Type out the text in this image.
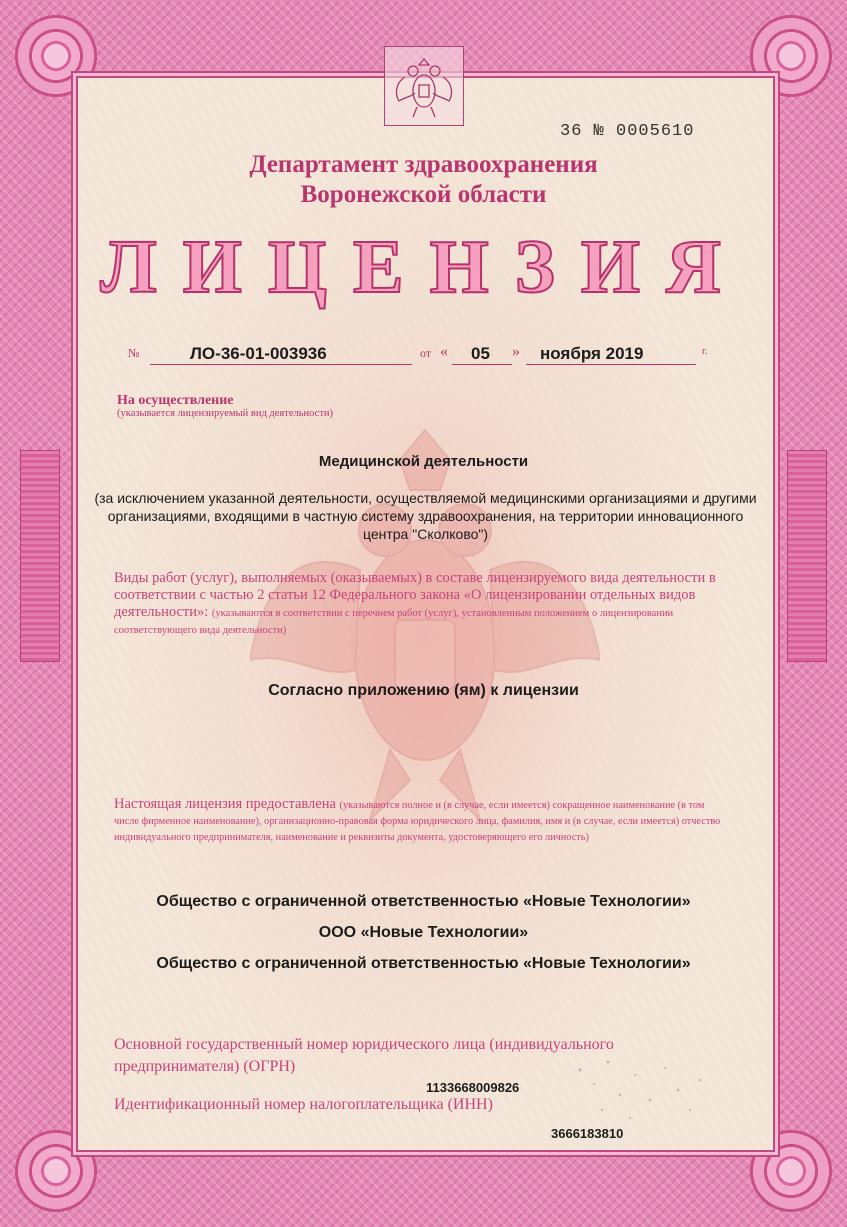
36 № 0005610
Департамент здравоохранения
Воронежской области
ЛИЦЕНЗИЯ
№	ЛО-36-01-003936	от « 05 » ноября 2019	г.
На осуществление
(указывается лицензируемый вид деятельности)
Медицинской деятельности
(за исключением указанной деятельности, осуществляемой медицинскими организациями и другими организациями, входящими в частную систему здравоохранения, на территории инновационного центра "Сколково")
Виды работ (услуг), выполняемых (оказываемых) в составе лицензируемого вида деятельности в соответствии с частью 2 статьи 12 Федерального закона «О лицензировании отдельных видов деятельности»: (указываются в соответствии с перечнем работ (услуг), установленным положением о лицензировании соответствующего вида деятельности)
Согласно приложению (ям) к лицензии
Настоящая лицензия предоставлена (указываются полное и (в случае, если имеется) сокращенное наименование (в том числе фирменное наименование), организационно-правовая форма юридического лица, фамилия, имя и (в случае, если имеется) отчество индивидуального предпринимателя, наименование и реквизиты документа, удостоверяющего его личность)
Общество с ограниченной ответственностью «Новые Технологии»
ООО «Новые Технологии»
Общество с ограниченной ответственностью «Новые Технологии»
Основной государственный номер юридического лица (индивидуального предпринимателя) (ОГРН)
1133668009826
Идентификационный номер налогоплательщика (ИНН)
3666183810
